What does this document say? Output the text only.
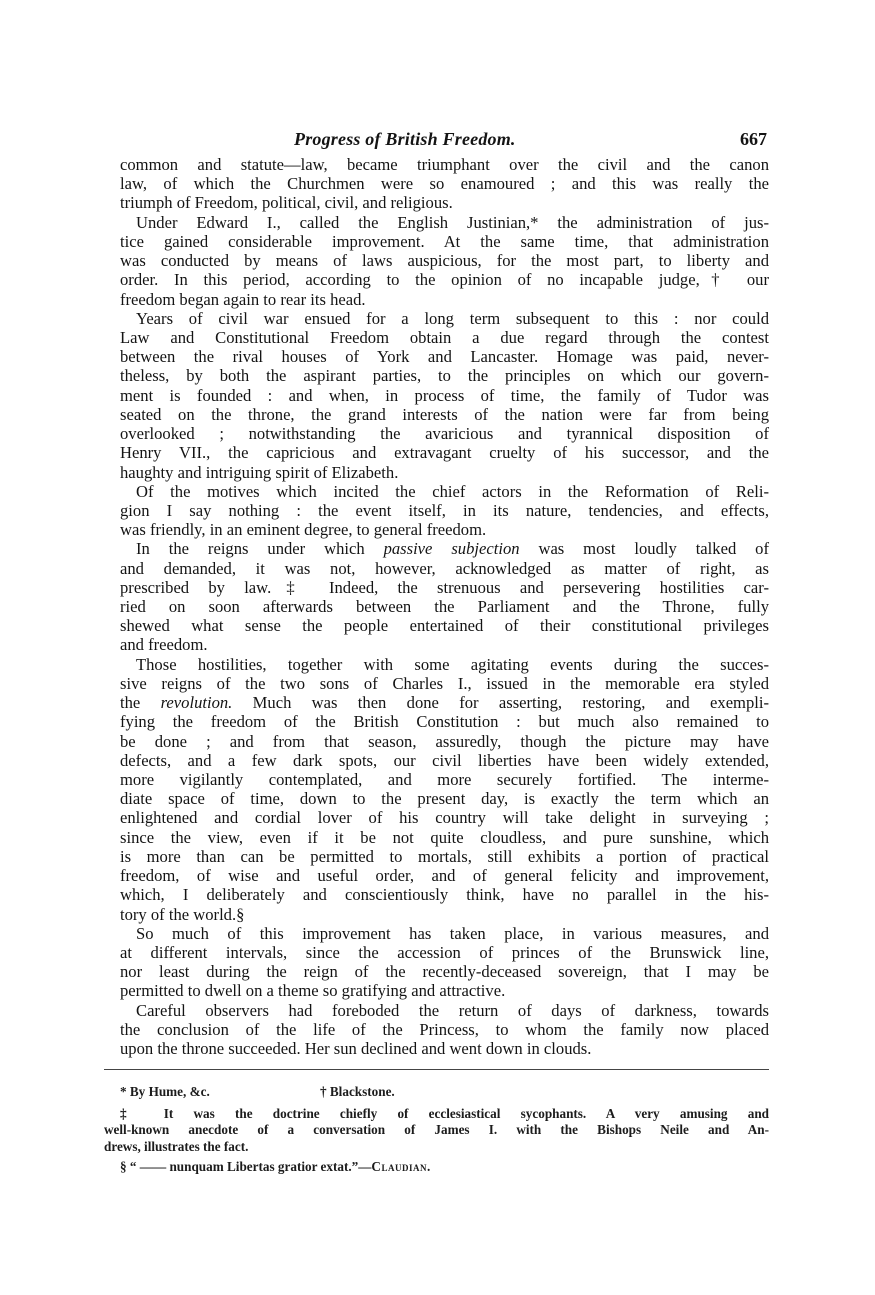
Progress of British Freedom.	667
common and statute—law, became triumphant over the civil and the canon
law, of which the Churchmen were so enamoured ; and this was really the
triumph of Freedom, political, civil, and religious.
Under Edward I., called the English Justinian,* the administration of jus-
tice gained considerable improvement. At the same time, that administration
was conducted by means of laws auspicious, for the most part, to liberty and
order. In this period, according to the opinion of no incapable judge,† our
freedom began again to rear its head.
Years of civil war ensued for a long term subsequent to this : nor could
Law and Constitutional Freedom obtain a due regard through the contest
between the rival houses of York and Lancaster. Homage was paid, never-
theless, by both the aspirant parties, to the principles on which our govern-
ment is founded : and when, in process of time, the family of Tudor was
seated on the throne, the grand interests of the nation were far from being
overlooked ; notwithstanding the avaricious and tyrannical disposition of
Henry VII., the capricious and extravagant cruelty of his successor, and the
haughty and intriguing spirit of Elizabeth.
Of the motives which incited the chief actors in the Reformation of Reli-
gion I say nothing : the event itself, in its nature, tendencies, and effects,
was friendly, in an eminent degree, to general freedom.
In the reigns under which passive subjection was most loudly talked of
and demanded, it was not, however, acknowledged as matter of right, as
prescribed by law.‡ Indeed, the strenuous and persevering hostilities car-
ried on soon afterwards between the Parliament and the Throne, fully
shewed what sense the people entertained of their constitutional privileges
and freedom.
Those hostilities, together with some agitating events during the succes-
sive reigns of the two sons of Charles I., issued in the memorable era styled
the revolution. Much was then done for asserting, restoring, and exempli-
fying the freedom of the British Constitution : but much also remained to
be done ; and from that season, assuredly, though the picture may have
defects, and a few dark spots, our civil liberties have been widely extended,
more vigilantly contemplated, and more securely fortified. The interme-
diate space of time, down to the present day, is exactly the term which an
enlightened and cordial lover of his country will take delight in surveying ;
since the view, even if it be not quite cloudless, and pure sunshine, which
is more than can be permitted to mortals, still exhibits a portion of practical
freedom, of wise and useful order, and of general felicity and improvement,
which, I deliberately and conscientiously think, have no parallel in the his-
tory of the world.§
So much of this improvement has taken place, in various measures, and
at different intervals, since the accession of princes of the Brunswick line,
nor least during the reign of the recently-deceased sovereign, that I may be
permitted to dwell on a theme so gratifying and attractive.
Careful observers had foreboded the return of days of darkness, towards
the conclusion of the life of the Princess, to whom the family now placed
upon the throne succeeded. Her sun declined and went down in clouds.
* By Hume, &c.	† Blackstone.
‡ It was the doctrine chiefly of ecclesiastical sycophants. A very amusing and
well-known anecdote of a conversation of James I. with the Bishops Neile and An-
drews, illustrates the fact.
§ “ —— nunquam Libertas gratior extat.”—Claudian.
